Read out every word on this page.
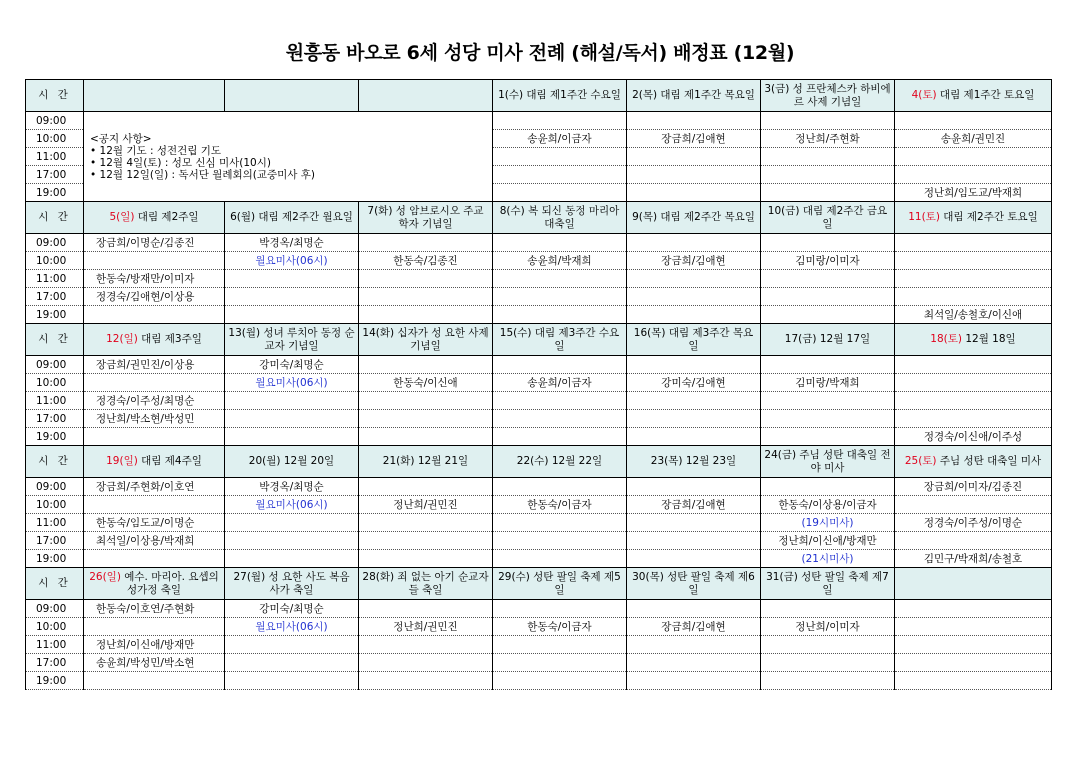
원흥동 바오로 6세 성당 미사 전례 (해설/독서) 배정표 (12월)
시 간				1(수) 대림 제1주간 수요일	2(목) 대림 제1주간 목요일	3(금) 성 프란체스카 하비에르 사제 기념일	4(토) 대림 제1주간 토요일
09:00	<공지 사항>
• 12월 기도 : 성전건립 기도
• 12월 4일(토) : 성모 신심 미사(10시)
• 12월 12일(일) : 독서단 월례회의(교중미사 후)						

10:00				송윤희/이금자	장금희/김애현	정난희/주현화	송윤희/권민진
11:00							
17:00							
19:00							정난희/임도교/박재희
시 간	5(일) 대림 제2주일	6(월) 대림 제2주간 월요일	7(화) 성 암브로시오 주교 학자 기념일	8(수) 복 되신 동정 마리아 대축일	9(목) 대림 제2주간 목요일	10(금) 대림 제2주간 금요일	11(토) 대림 제2주간 토요일
09:00	장금희/이명순/김종진	박경옥/최명순					
10:00		월요미사(06시)	한동숙/김종진	송윤희/박재희	장금희/김애현	김미랑/이미자	
11:00	한동숙/방재만/이미자						
17:00	정경숙/김애현/이상용						
19:00							최석일/송철호/이신애
시 간	12(일) 대림 제3주일	13(월) 성녀 루치아 동정 순교자 기념일	14(화) 십자가 성 요한 사제 기념일	15(수) 대림 제3주간 수요일	16(목) 대림 제3주간 목요일	17(금) 12월 17일	18(토) 12월 18일
09:00	장금희/권민진/이상용	강미숙/최명순					
10:00		월요미사(06시)	한동숙/이신애	송윤희/이금자	강미숙/김애현	김미랑/박재희	
11:00	정경숙/이주성/최명순						
17:00	정난희/박소현/박성민						
19:00							정경숙/이신애/이주성
시 간	19(일) 대림 제4주일	20(월) 12월 20일	21(화) 12월 21일	22(수) 12월 22일	23(목) 12월 23일	24(금) 주님 성탄 대축일 전야 미사	25(토) 주님 성탄 대축일 미사
09:00	장금희/주현화/이호연	박경옥/최명순					장금희/이미자/김종진
10:00		월요미사(06시)	정난희/권민진	한동숙/이금자	장금희/김애현	한동숙/이상용/이금자	
11:00	한동숙/임도교/이명순					(19시미사)	정경숙/이주성/이명순
17:00	최석일/이상용/박재희					정난희/이신애/방재만	
19:00						(21시미사)	김민구/박재희/송철호
시 간	26(일) 예수. 마리아. 요셉의 성가정 축일	27(월) 성 요한 사도 복음 사가 축일	28(화) 죄 없는 아기 순교자들 축일	29(수) 성탄 팔일 축제 제5일	30(목) 성탄 팔일 축제 제6일	31(금) 성탄 팔일 축제 제7일	
09:00	한동숙/이호연/주현화	강미숙/최명순					
10:00		월요미사(06시)	정난희/권민진	한동숙/이금자	장금희/김애현	정난희/이미자	
11:00	정난희/이신애/방재만						
17:00	송윤희/박성민/박소현						
19:00							
